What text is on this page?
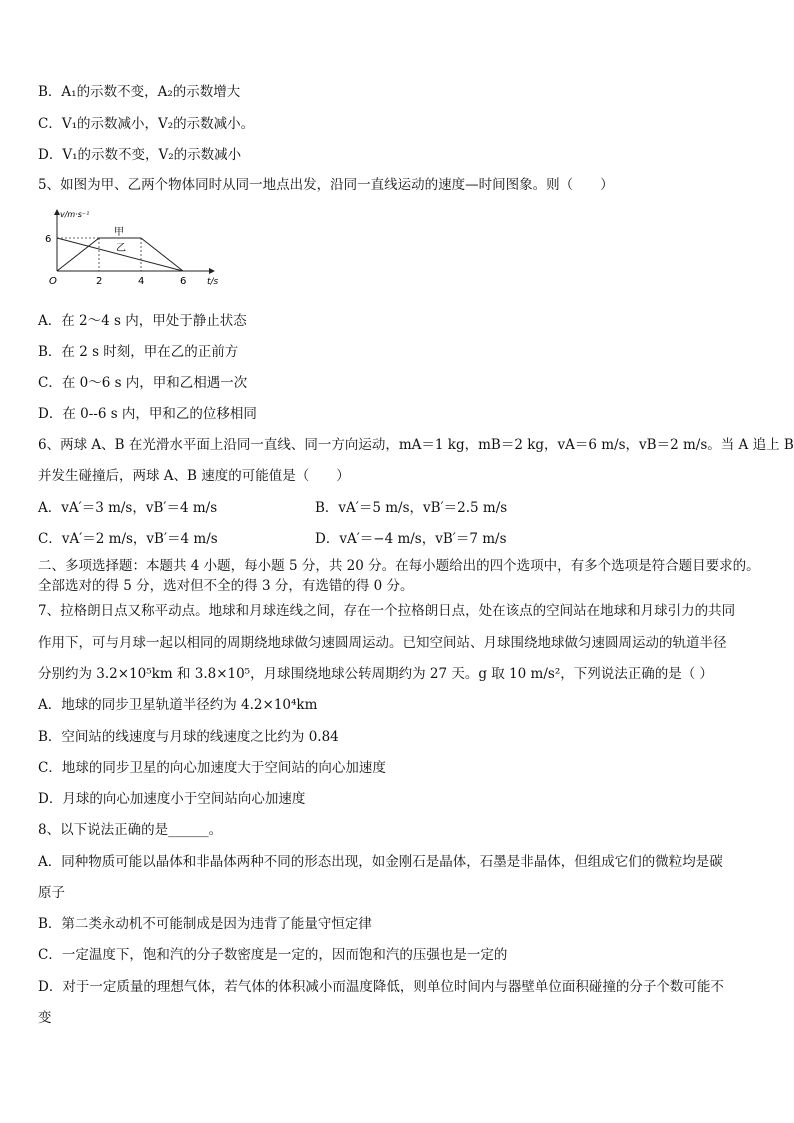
B．A₁的示数不变，A₂的示数增大
C．V₁的示数减小，V₂的示数减小。
D．V₁的示数不变，V₂的示数减小
5、如图为甲、乙两个物体同时从同一地点出发，沿同一直线运动的速度—时间图象。则（　　）
甲
乙
O	2	4	6
6
t/s
v/m·s⁻¹
A．在 2～4 s 内，甲处于静止状态
B．在 2 s 时刻，甲在乙的正前方
C．在 0～6 s 内，甲和乙相遇一次
D．在 0--6 s 内，甲和乙的位移相同
6、两球 A、B 在光滑水平面上沿同一直线、同一方向运动，mA＝1 kg，mB＝2 kg，vA＝6 m/s，vB＝2 m/s。当 A 追上 B
并发生碰撞后，两球 A、B 速度的可能值是（　　）
A．vA′＝3 m/s，vB′＝4 m/s	B．vA′＝5 m/s，vB′＝2.5 m/s
C．vA′＝2 m/s，vB′＝4 m/s	D．vA′＝−4 m/s，vB′＝7 m/s
二、多项选择题：本题共 4 小题，每小题 5 分，共 20 分。在每小题给出的四个选项中，有多个选项是符合题目要求的。
全部选对的得 5 分，选对但不全的得 3 分，有选错的得 0 分。
7、拉格朗日点又称平动点。地球和月球连线之间，存在一个拉格朗日点，处在该点的空间站在地球和月球引力的共同
作用下，可与月球一起以相同的周期绕地球做匀速圆周运动。已知空间站、月球围绕地球做匀速圆周运动的轨道半径
分别约为 3.2×10⁵km 和 3.8×10⁵，月球围绕地球公转周期约为 27 天。g 取 10 m/s²，下列说法正确的是（ ）
A．地球的同步卫星轨道半径约为 4.2×10⁴km
B．空间站的线速度与月球的线速度之比约为 0.84
C．地球的同步卫星的向心加速度大于空间站的向心加速度
D．月球的向心加速度小于空间站向心加速度
8、以下说法正确的是______。
A．同种物质可能以晶体和非晶体两种不同的形态出现，如金刚石是晶体，石墨是非晶体，但组成它们的微粒均是碳
原子
B．第二类永动机不可能制成是因为违背了能量守恒定律
C．一定温度下，饱和汽的分子数密度是一定的，因而饱和汽的压强也是一定的
D．对于一定质量的理想气体，若气体的体积减小而温度降低，则单位时间内与器壁单位面积碰撞的分子个数可能不
变
